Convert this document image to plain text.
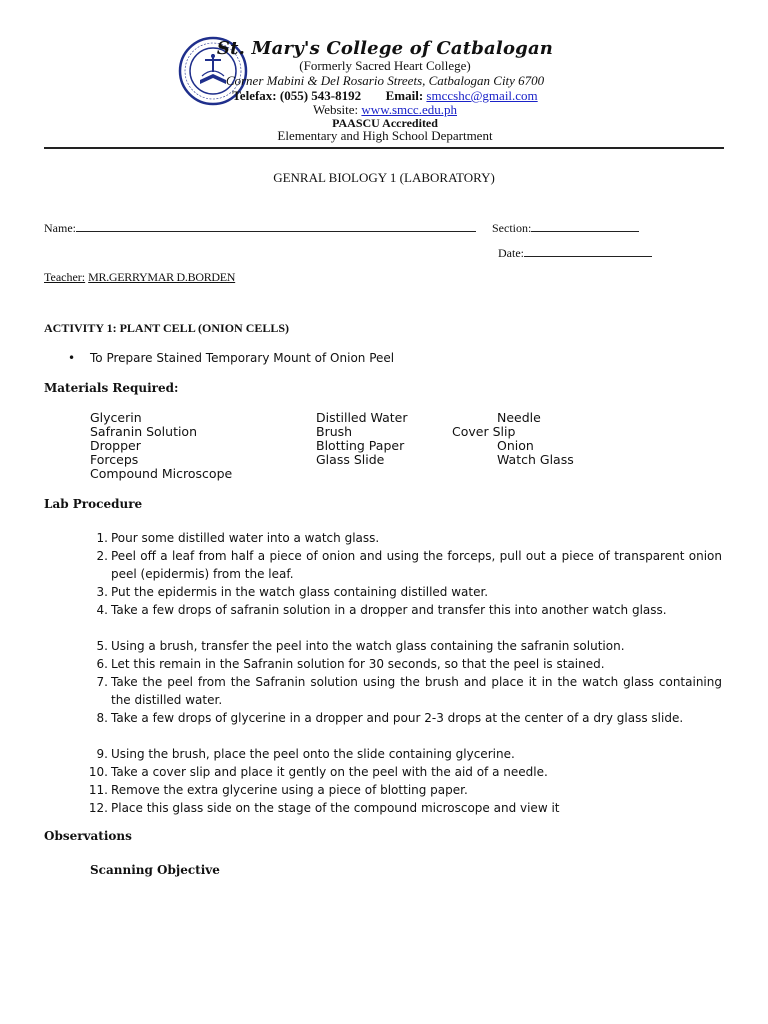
St. Mary's College of Catbalogan
(Formerly Sacred Heart College)
Corner Mabini & Del Rosario Streets, Catbalogan City 6700
Telefax: (055) 543-8192 Email: smccshc@gmail.com
Website: www.smcc.edu.ph
PAASCU Accredited
Elementary and High School Department
GENRAL BIOLOGY 1 (LABORATORY)
Name:	Section:
Date:
Teacher: MR.GERRYMAR D.BORDEN
ACTIVITY 1: PLANT CELL (ONION CELLS)
• To Prepare Stained Temporary Mount of Onion Peel
Materials Required:
Glycerin
Safranin Solution
Dropper
Forceps
Compound Microscope
Distilled Water
Brush
Blotting Paper
Glass Slide
Needle
Cover Slip
Onion
Watch Glass
Lab Procedure
1. Pour some distilled water into a watch glass.
2. Peel off a leaf from half a piece of onion and using the forceps, pull out a piece of transparent onion peel (epidermis) from the leaf.
3. Put the epidermis in the watch glass containing distilled water.
4. Take a few drops of safranin solution in a dropper and transfer this into another watch glass.
5. Using a brush, transfer the peel into the watch glass containing the safranin solution.
6. Let this remain in the Safranin solution for 30 seconds, so that the peel is stained.
7. Take the peel from the Safranin solution using the brush and place it in the watch glass containing the distilled water.
8. Take a few drops of glycerine in a dropper and pour 2-3 drops at the center of a dry glass slide.
9. Using the brush, place the peel onto the slide containing glycerine.
10. Take a cover slip and place it gently on the peel with the aid of a needle.
11. Remove the extra glycerine using a piece of blotting paper.
12. Place this glass side on the stage of the compound microscope and view it
Observations
Scanning Objective
